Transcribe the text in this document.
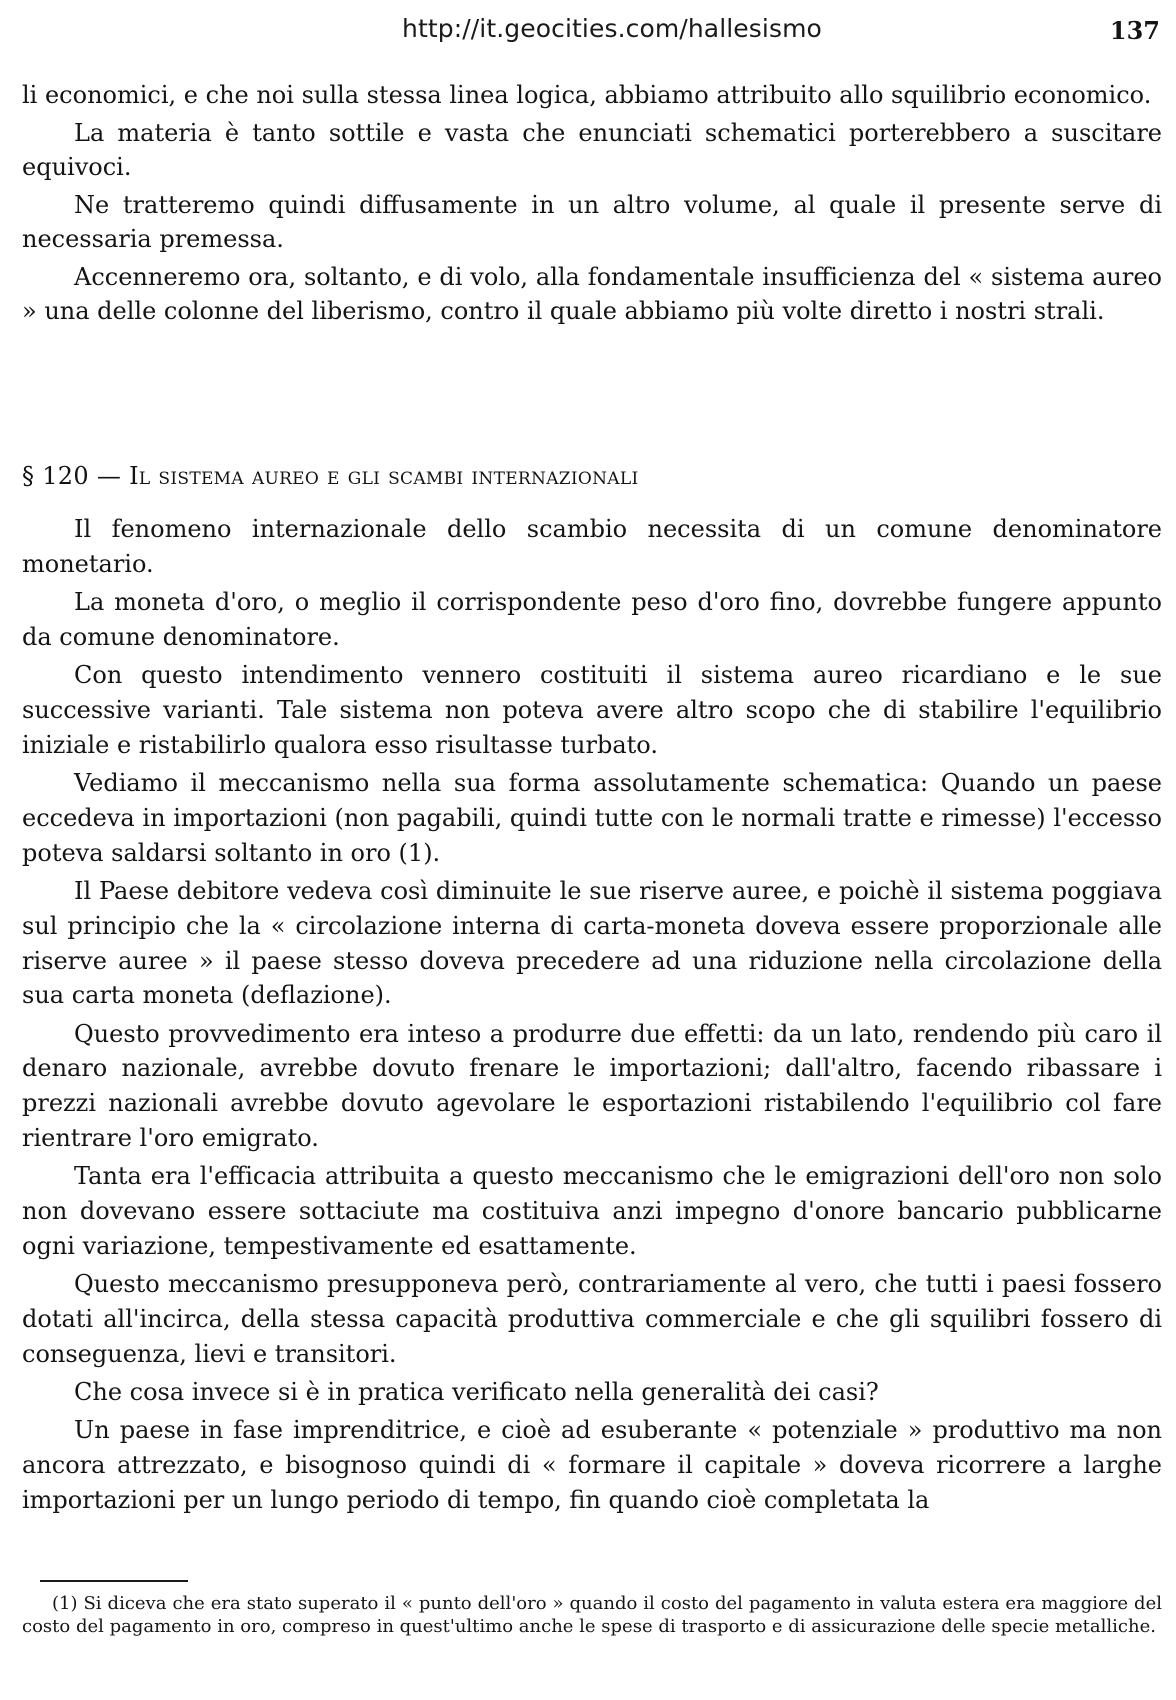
http://it.geocities.com/hallesismo	137

li economici, e che noi sulla stessa linea logica, abbiamo attribuito allo squilibrio economico.

La materia è tanto sottile e vasta che enunciati schematici porterebbero a suscitare equivoci.

Ne tratteremo quindi diffusamente in un altro volume, al quale il presente serve di necessaria premessa.

Accenneremo ora, soltanto, e di volo, alla fondamentale insufficienza del « sistema aureo » una delle colonne del liberismo, contro il quale abbiamo più volte diretto i nostri strali.

§ 120 — Il sistema aureo e gli scambi internazionali

Il fenomeno internazionale dello scambio necessita di un comune denominatore monetario.

La moneta d'oro, o meglio il corrispondente peso d'oro fino, dovrebbe fungere appunto da comune denominatore.

Con questo intendimento vennero costituiti il sistema aureo ricardiano e le sue successive varianti. Tale sistema non poteva avere altro scopo che di stabilire l'equilibrio iniziale e ristabilirlo qualora esso risultasse turbato.

Vediamo il meccanismo nella sua forma assolutamente schematica: Quando un paese eccedeva in importazioni (non pagabili, quindi tutte con le normali tratte e rimesse) l'eccesso poteva saldarsi soltanto in oro (1).

Il Paese debitore vedeva così diminuite le sue riserve auree, e poichè il sistema poggiava sul principio che la « circolazione interna di carta-moneta doveva essere proporzionale alle riserve auree » il paese stesso doveva precedere ad una riduzione nella circolazione della sua carta moneta (deflazione).

Questo provvedimento era inteso a produrre due effetti: da un lato, rendendo più caro il denaro nazionale, avrebbe dovuto frenare le importazioni; dall'altro, facendo ribassare i prezzi nazionali avrebbe dovuto agevolare le esportazioni ristabilendo l'equilibrio col fare rientrare l'oro emigrato.

Tanta era l'efficacia attribuita a questo meccanismo che le emigrazioni dell'oro non solo non dovevano essere sottaciute ma costituiva anzi impegno d'onore bancario pubblicarne ogni variazione, tempestivamente ed esattamente.

Questo meccanismo presupponeva però, contrariamente al vero, che tutti i paesi fossero dotati all'incirca, della stessa capacità produttiva commerciale e che gli squilibri fossero di conseguenza, lievi e transitori.

Che cosa invece si è in pratica verificato nella generalità dei casi?

Un paese in fase imprenditrice, e cioè ad esuberante « potenziale » produttivo ma non ancora attrezzato, e bisognoso quindi di « formare il capitale » doveva ricorrere a larghe importazioni per un lungo periodo di tempo, fin quando cioè completata la

(1) Si diceva che era stato superato il « punto dell'oro » quando il costo del pagamento in valuta estera era maggiore del costo del pagamento in oro, compreso in quest'ultimo anche le spese di trasporto e di assicurazione delle specie metalliche.
